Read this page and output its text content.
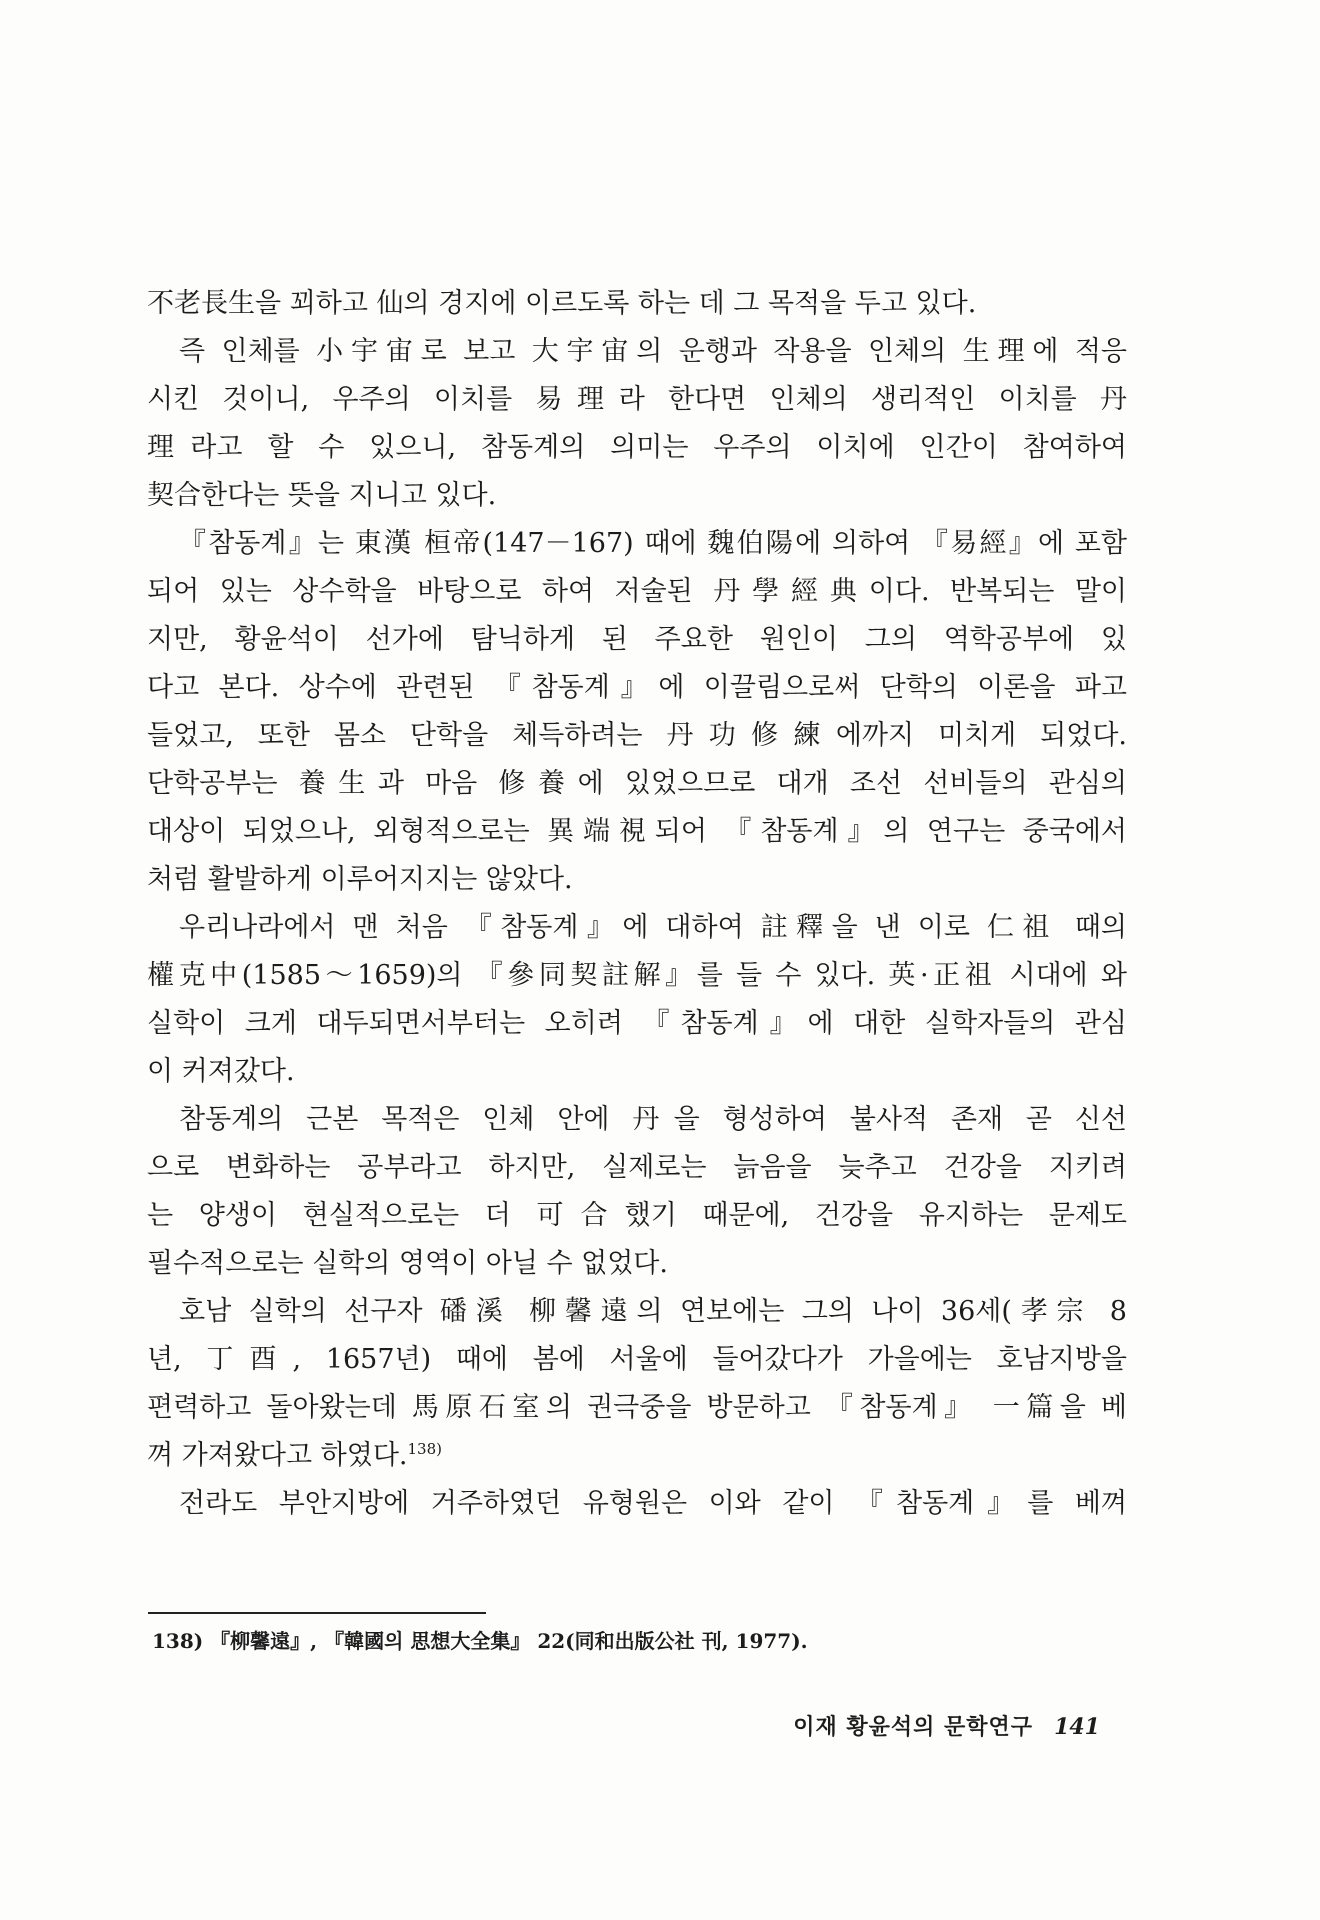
不老長生을 꾀하고 仙의 경지에 이르도록 하는 데 그 목적을 두고 있다.
즉 인체를 小宇宙로 보고 大宇宙의 운행과 작용을 인체의 生理에 적응
시킨 것이니, 우주의 이치를 易理라 한다면 인체의 생리적인 이치를 丹
理라고 할 수 있으니, 참동계의 의미는 우주의 이치에 인간이 참여하여
契合한다는 뜻을 지니고 있다.
『참동계』는 東漢 桓帝(147－167) 때에 魏伯陽에 의하여 『易經』에 포함
되어 있는 상수학을 바탕으로 하여 저술된 丹學經典이다. 반복되는 말이
지만, 황윤석이 선가에 탐닉하게 된 주요한 원인이 그의 역학공부에 있
다고 본다. 상수에 관련된 『참동계』에 이끌림으로써 단학의 이론을 파고
들었고, 또한 몸소 단학을 체득하려는 丹功修練에까지 미치게 되었다.
단학공부는 養生과 마음 修養에 있었으므로 대개 조선 선비들의 관심의
대상이 되었으나, 외형적으로는 異端視되어 『참동계』의 연구는 중국에서
처럼 활발하게 이루어지지는 않았다.
우리나라에서 맨 처음 『참동계』에 대하여 註釋을 낸 이로 仁祖 때의
權克中(1585～1659)의 『參同契註解』를 들 수 있다. 英·正祖 시대에 와
실학이 크게 대두되면서부터는 오히려 『참동계』에 대한 실학자들의 관심
이 커져갔다.
참동계의 근본 목적은 인체 안에 丹을 형성하여 불사적 존재 곧 신선
으로 변화하는 공부라고 하지만, 실제로는 늙음을 늦추고 건강을 지키려
는 양생이 현실적으로는 더 可合했기 때문에, 건강을 유지하는 문제도
필수적으로는 실학의 영역이 아닐 수 없었다.
호남 실학의 선구자 磻溪 柳馨遠의 연보에는 그의 나이 36세(孝宗 8
년, 丁酉, 1657년) 때에 봄에 서울에 들어갔다가 가을에는 호남지방을
편력하고 돌아왔는데 馬原石室의 권극중을 방문하고 『참동계』 一篇을 베
껴 가져왔다고 하였다.$^{138)}$
전라도 부안지방에 거주하였던 유형원은 이와 같이 『참동계』를 베껴
138) 『柳馨遠』, 『韓國의 思想大全集』 22(同和出版公社 刊, 1977).
이재 황윤석의 문학연구 141
